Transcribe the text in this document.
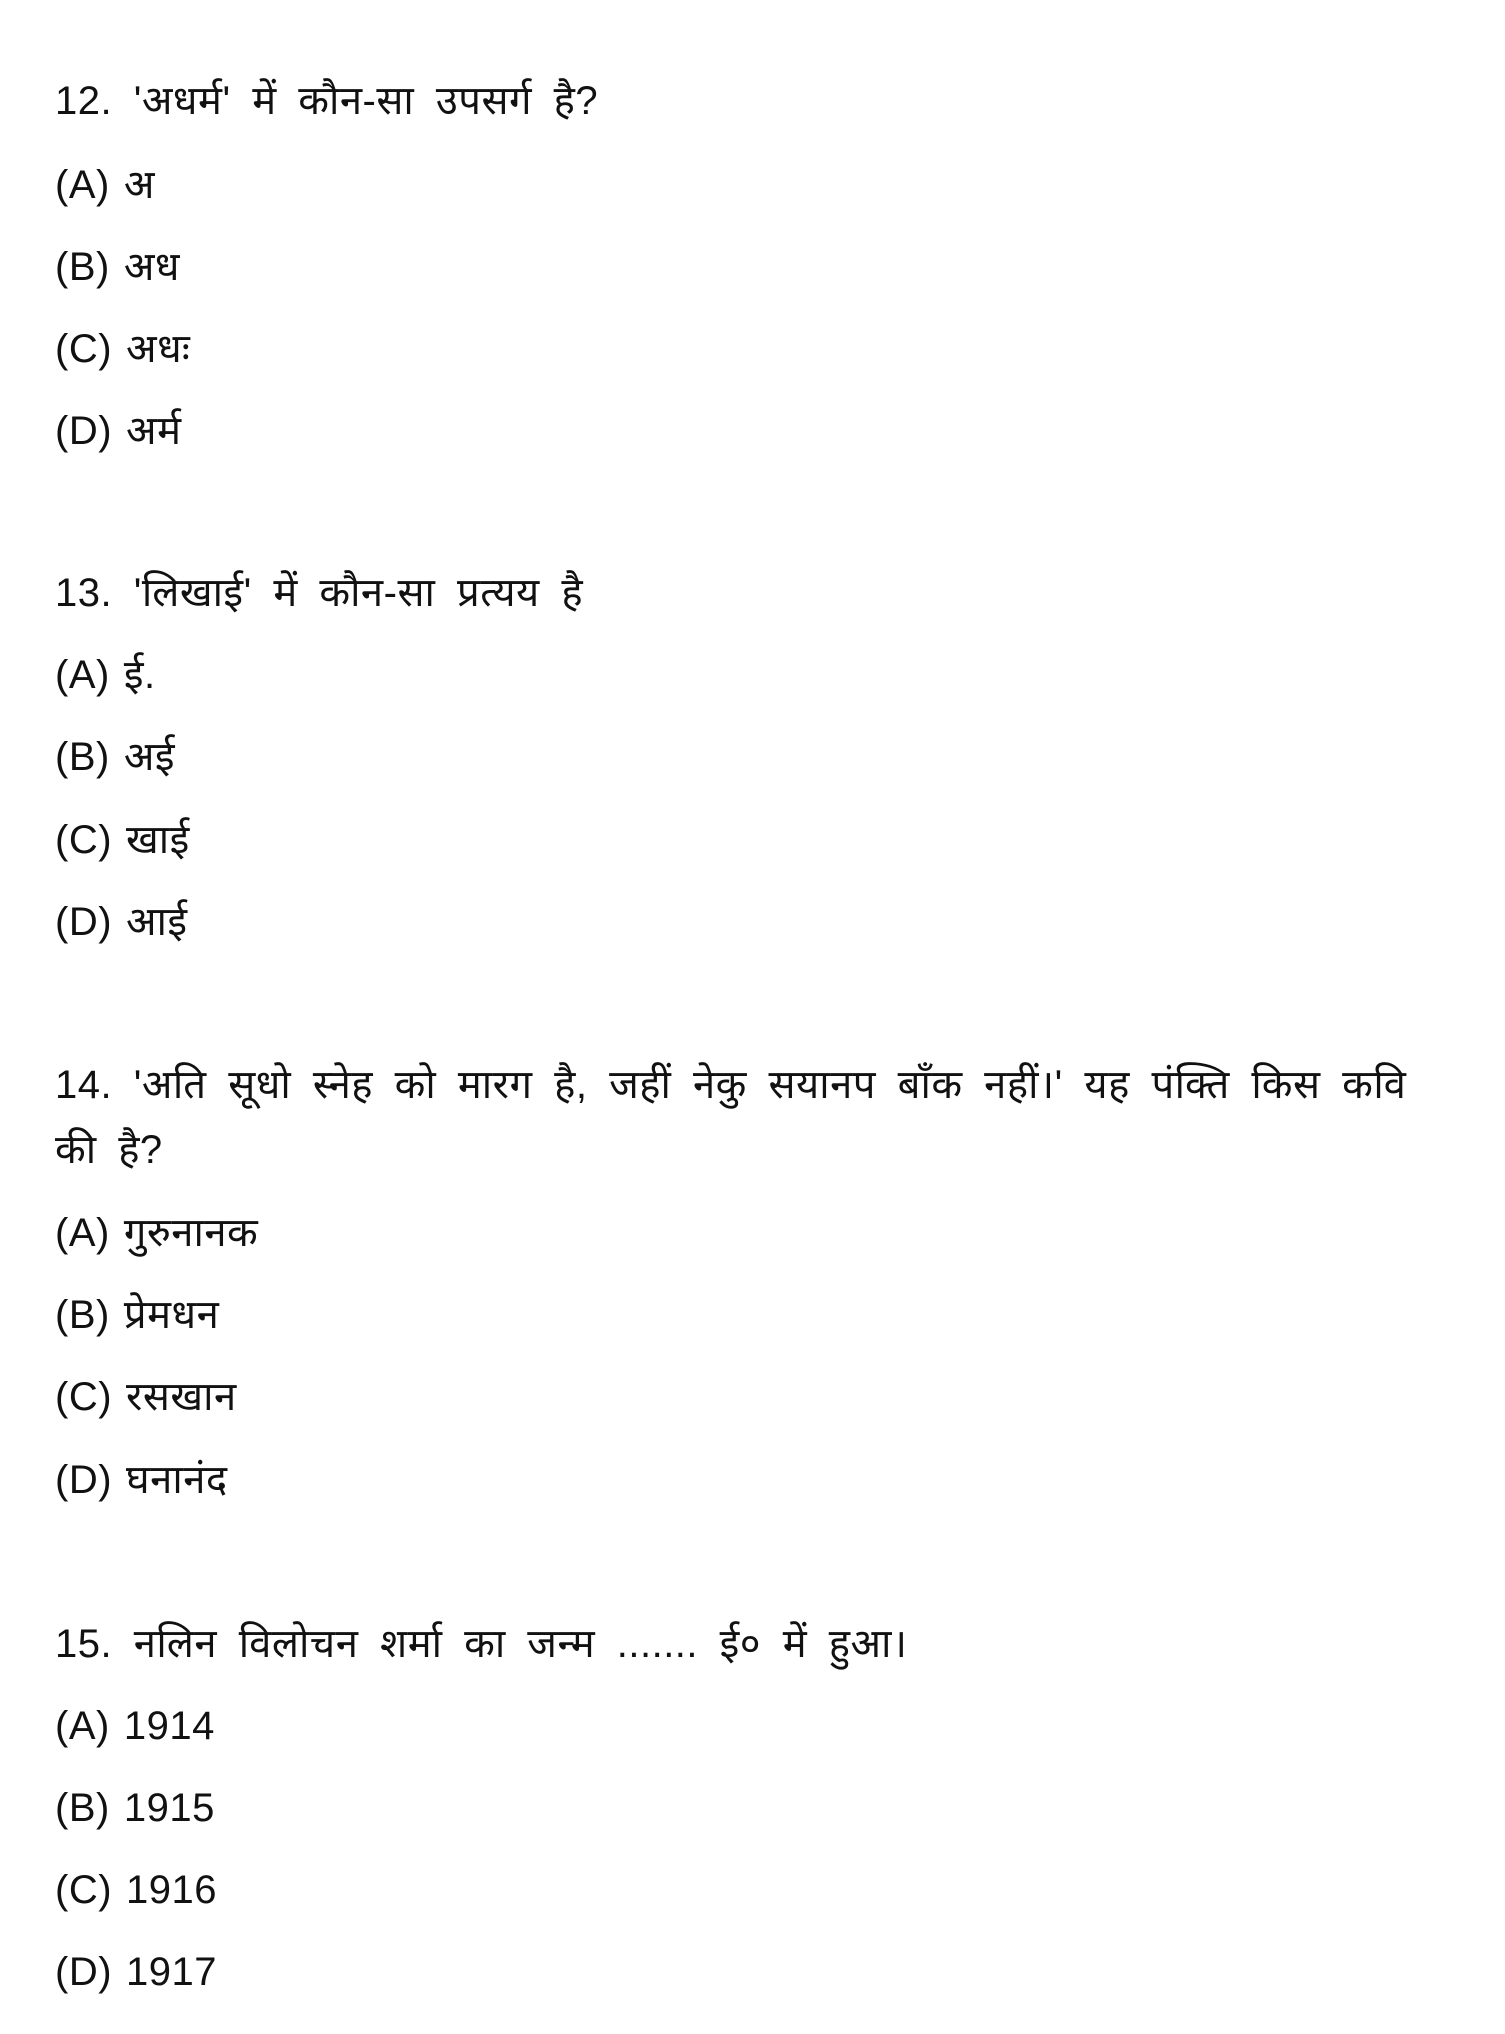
12. 'अधर्म' में कौन-सा उपसर्ग है?
(A) अ
(B) अध
(C) अधः
(D) अर्म
13. 'लिखाई' में कौन-सा प्रत्यय है
(A) ई.
(B) अई
(C) खाई
(D) आई
14. 'अति सूधो स्नेह को मारग है, जहीं नेकु सयानप बाँक नहीं।' यह पंक्ति किस कवि
की है?
(A) गुरुनानक
(B) प्रेमधन
(C) रसखान
(D) घनानंद
15. नलिन विलोचन शर्मा का जन्म ....... ई० में हुआ।
(A) 1914
(B) 1915
(C) 1916
(D) 1917
